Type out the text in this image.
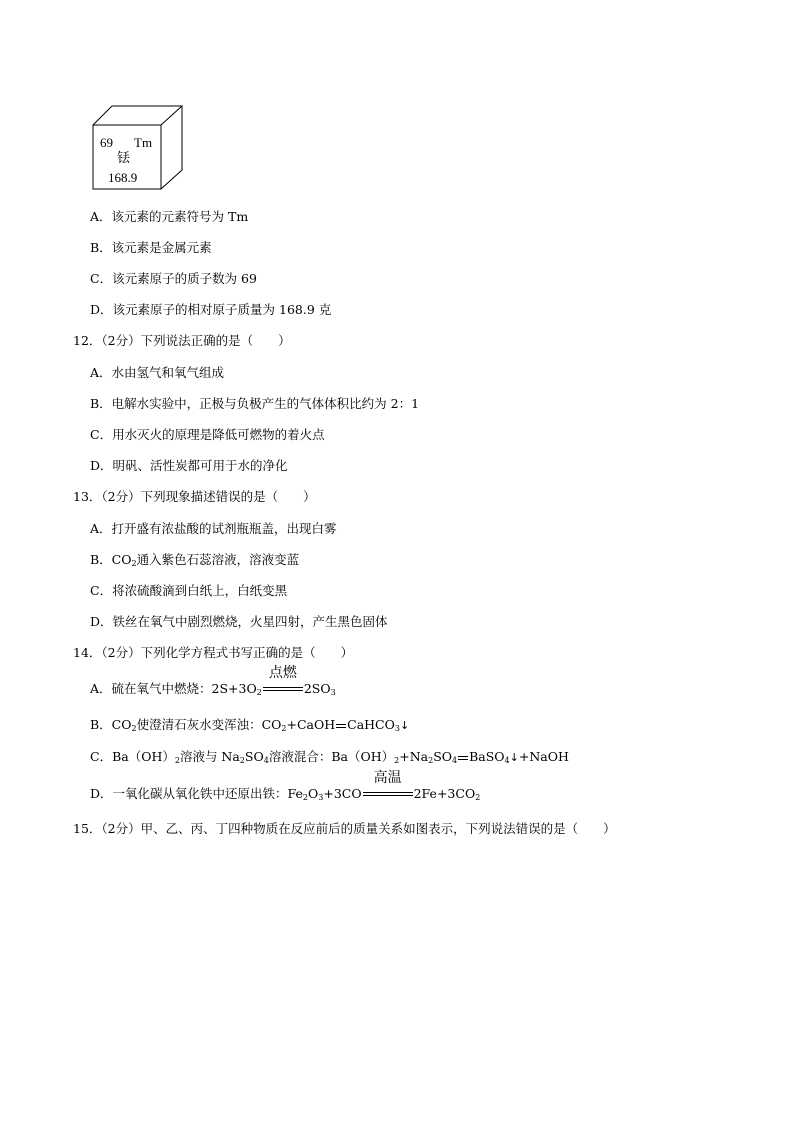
69 Tm
铥
168.9
A．该元素的元素符号为 Tm
B．该元素是金属元素
C．该元素原子的质子数为 69
D．该元素原子的相对原子质量为 168.9 克
12．（2分）下列说法正确的是（　　）
A．水由氢气和氧气组成
B．电解水实验中，正极与负极产生的气体体积比约为 2：1
C．用水灭火的原理是降低可燃物的着火点
D．明矾、活性炭都可用于水的净化
13．（2分）下列现象描述错误的是（　　）
A．打开盛有浓盐酸的试剂瓶瓶盖，出现白雾
B．$CO_2$通入紫色石蕊溶液，溶液变蓝
C．将浓硫酸滴到白纸上，白纸变黑
D．铁丝在氧气中剧烈燃烧，火星四射，产生黑色固体
14．（2分）下列化学方程式书写正确的是（　　）
A．硫在氧气中燃烧：$2S+3O_2$
点燃
$2SO_3$
B．$CO_2$使澄清石灰水变浑浊：$CO_2+CaOH$ CaHCO$_3$↓
C．$Ba(OH)_2$溶液与 $Na_2SO_4$溶液混合：$Ba(OH)_2+Na_2SO_4$ BaSO$_4$↓+NaOH
D．一氧化碳从氧化铁中还原出铁：$Fe_2O_3+3CO$
高温
$2Fe+3CO_2$
15．（2分）甲、乙、丙、丁四种物质在反应前后的质量关系如图表示，下列说法错误的是（　　）
